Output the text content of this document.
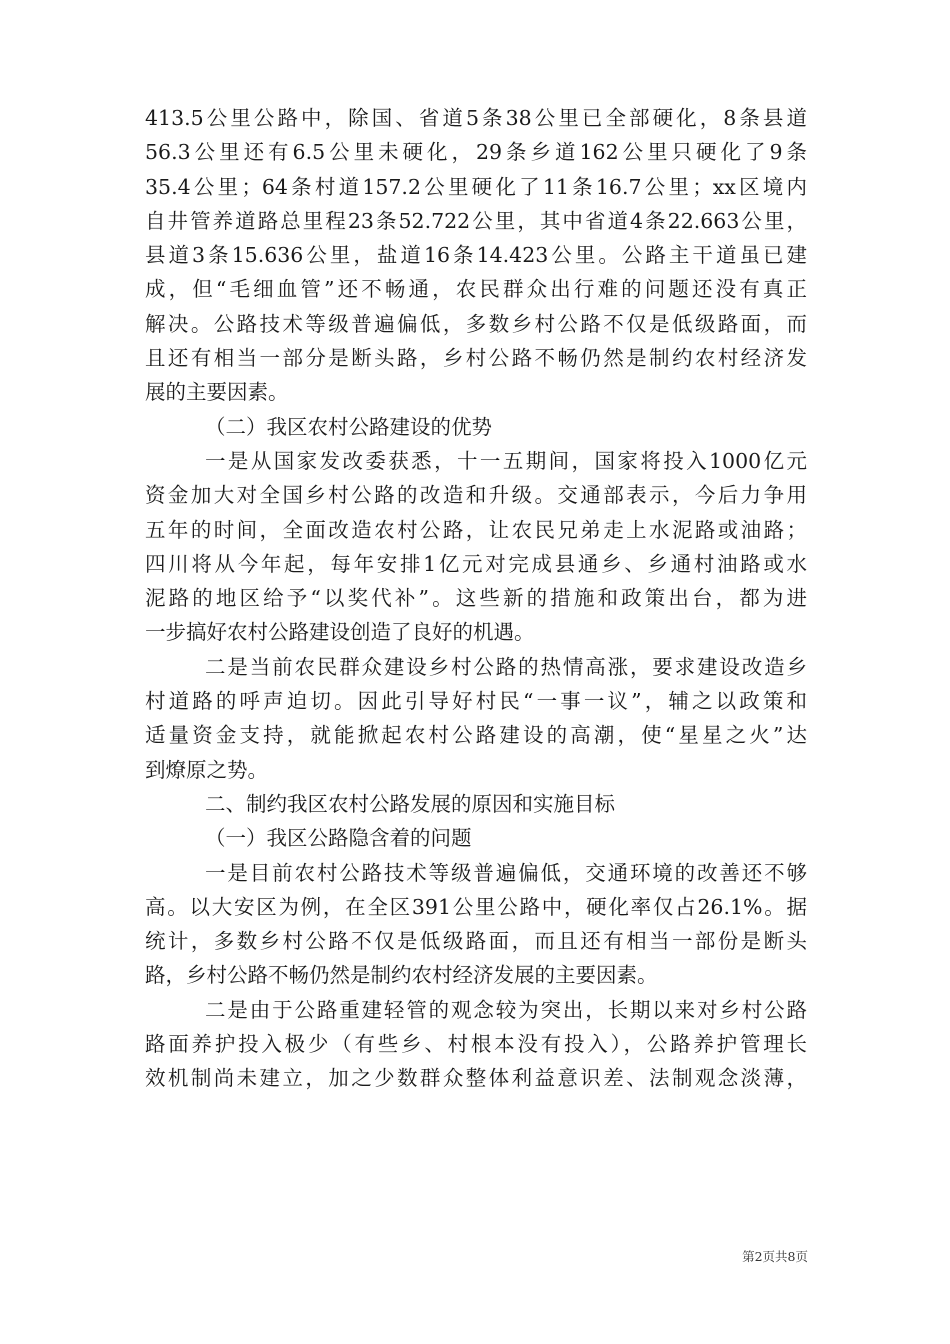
413.5公里公路中，除国、省道5条38公里已全部硬化，8条县道
56.3公里还有6.5公里未硬化，29条乡道162公里只硬化了9条
35.4公里；64条村道157.2公里硬化了11条16.7公里；xx区境内
自井管养道路总里程23条52.722公里，其中省道4条22.663公里，
县道3条15.636公里，盐道16条14.423公里。公路主干道虽已建
成，但“毛细血管”还不畅通，农民群众出行难的问题还没有真正
解决。公路技术等级普遍偏低，多数乡村公路不仅是低级路面，而
且还有相当一部分是断头路，乡村公路不畅仍然是制约农村经济发
展的主要因素。
（二）我区农村公路建设的优势
一是从国家发改委获悉，十一五期间，国家将投入1000亿元
资金加大对全国乡村公路的改造和升级。交通部表示，今后力争用
五年的时间，全面改造农村公路，让农民兄弟走上水泥路或油路；
四川将从今年起，每年安排1亿元对完成县通乡、乡通村油路或水
泥路的地区给予“以奖代补”。这些新的措施和政策出台，都为进
一步搞好农村公路建设创造了良好的机遇。
二是当前农民群众建设乡村公路的热情高涨，要求建设改造乡
村道路的呼声迫切。因此引导好村民“一事一议”，辅之以政策和
适量资金支持，就能掀起农村公路建设的高潮，使“星星之火”达
到燎原之势。
二、制约我区农村公路发展的原因和实施目标
（一）我区公路隐含着的问题
一是目前农村公路技术等级普遍偏低，交通环境的改善还不够
高。以大安区为例，在全区391公里公路中，硬化率仅占26.1%。据
统计，多数乡村公路不仅是低级路面，而且还有相当一部份是断头
路，乡村公路不畅仍然是制约农村经济发展的主要因素。
二是由于公路重建轻管的观念较为突出，长期以来对乡村公路
路面养护投入极少（有些乡、村根本没有投入），公路养护管理长
效机制尚未建立，加之少数群众整体利益意识差、法制观念淡薄，
第2页共8页
